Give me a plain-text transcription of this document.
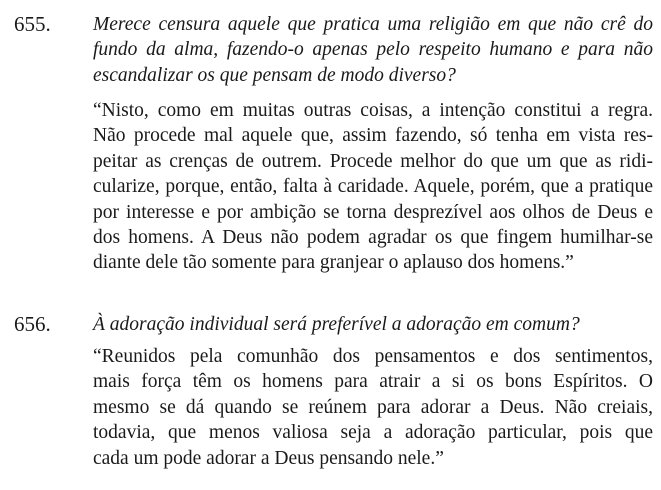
655. Merece censura aquele que pratica uma religião em que não crê do
fundo da alma, fazendo-o apenas pelo respeito humano e para não
escandalizar os que pensam de modo diverso?

“Nisto, como em muitas outras coisas, a intenção constitui a regra.
Não procede mal aquele que, assim fazendo, só tenha em vista res-
peitar as crenças de outrem. Procede melhor do que um que as ridi-
cularize, porque, então, falta à caridade. Aquele, porém, que a pratique
por interesse e por ambição se torna desprezível aos olhos de Deus e
dos homens. A Deus não podem agradar os que fingem humilhar-se
diante dele tão somente para granjear o aplauso dos homens.”

656. À adoração individual será preferível a adoração em comum?

“Reunidos pela comunhão dos pensamentos e dos sentimentos,
mais força têm os homens para atrair a si os bons Espíritos. O
mesmo se dá quando se reúnem para adorar a Deus. Não creiais,
todavia, que menos valiosa seja a adoração particular, pois que
cada um pode adorar a Deus pensando nele.”
